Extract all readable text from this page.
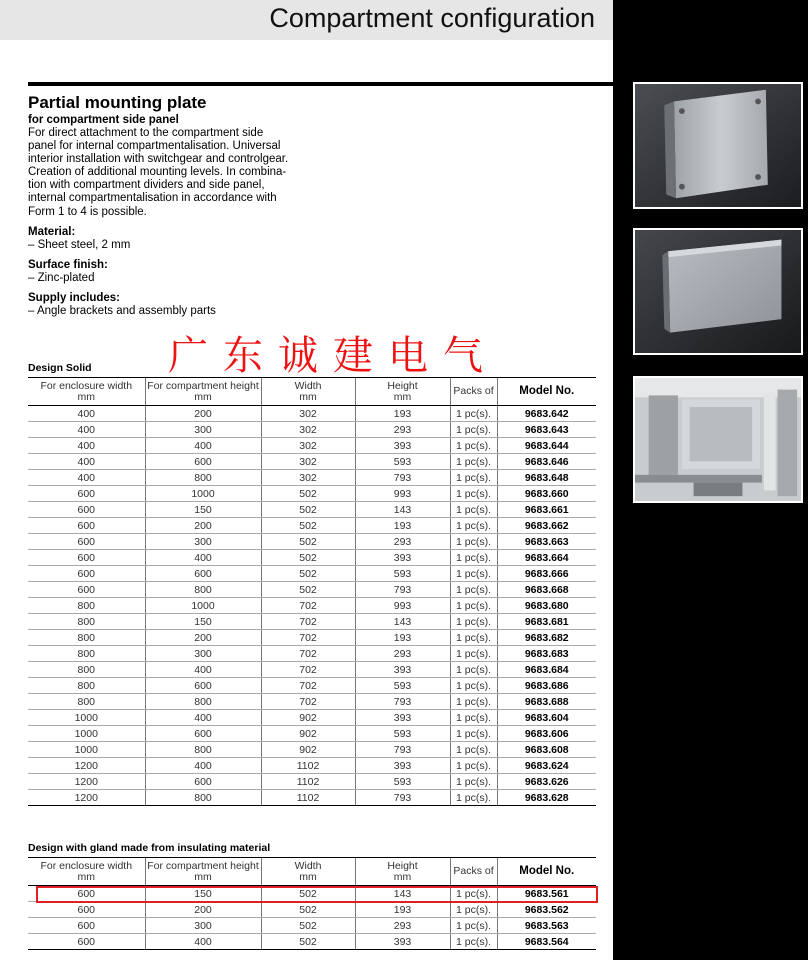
Compartment configuration
Partial mounting plate
for compartment side panel
For direct attachment to the compartment side
panel for internal compartmentalisation. Universal
interior installation with switchgear and controlgear.
Creation of additional mounting levels. In combina-
tion with compartment dividers and side panel,
internal compartmentalisation in accordance with
Form 1 to 4 is possible.
Material:
– Sheet steel, 2 mm
Surface finish:
– Zinc-plated
Supply includes:
– Angle brackets and assembly parts
广东诚建电气
Design Solid
For enclosure width
mm	For compartment height
mm	Width
mm	Height
mm	Packs of	Model No.
400	200	302	193	1 pc(s).	9683.642
400	300	302	293	1 pc(s).	9683.643
400	400	302	393	1 pc(s).	9683.644
400	600	302	593	1 pc(s).	9683.646
400	800	302	793	1 pc(s).	9683.648
600	1000	502	993	1 pc(s).	9683.660
600	150	502	143	1 pc(s).	9683.661
600	200	502	193	1 pc(s).	9683.662
600	300	502	293	1 pc(s).	9683.663
600	400	502	393	1 pc(s).	9683.664
600	600	502	593	1 pc(s).	9683.666
600	800	502	793	1 pc(s).	9683.668
800	1000	702	993	1 pc(s).	9683.680
800	150	702	143	1 pc(s).	9683.681
800	200	702	193	1 pc(s).	9683.682
800	300	702	293	1 pc(s).	9683.683
800	400	702	393	1 pc(s).	9683.684
800	600	702	593	1 pc(s).	9683.686
800	800	702	793	1 pc(s).	9683.688
1000	400	902	393	1 pc(s).	9683.604
1000	600	902	593	1 pc(s).	9683.606
1000	800	902	793	1 pc(s).	9683.608
1200	400	1102	393	1 pc(s).	9683.624
1200	600	1102	593	1 pc(s).	9683.626
1200	800	1102	793	1 pc(s).	9683.628
Design with gland made from insulating material
For enclosure width
mm	For compartment height
mm	Width
mm	Height
mm	Packs of	Model No.
600	150	502	143	1 pc(s).	9683.561
600	200	502	193	1 pc(s).	9683.562
600	300	502	293	1 pc(s).	9683.563
600	400	502	393	1 pc(s).	9683.564
